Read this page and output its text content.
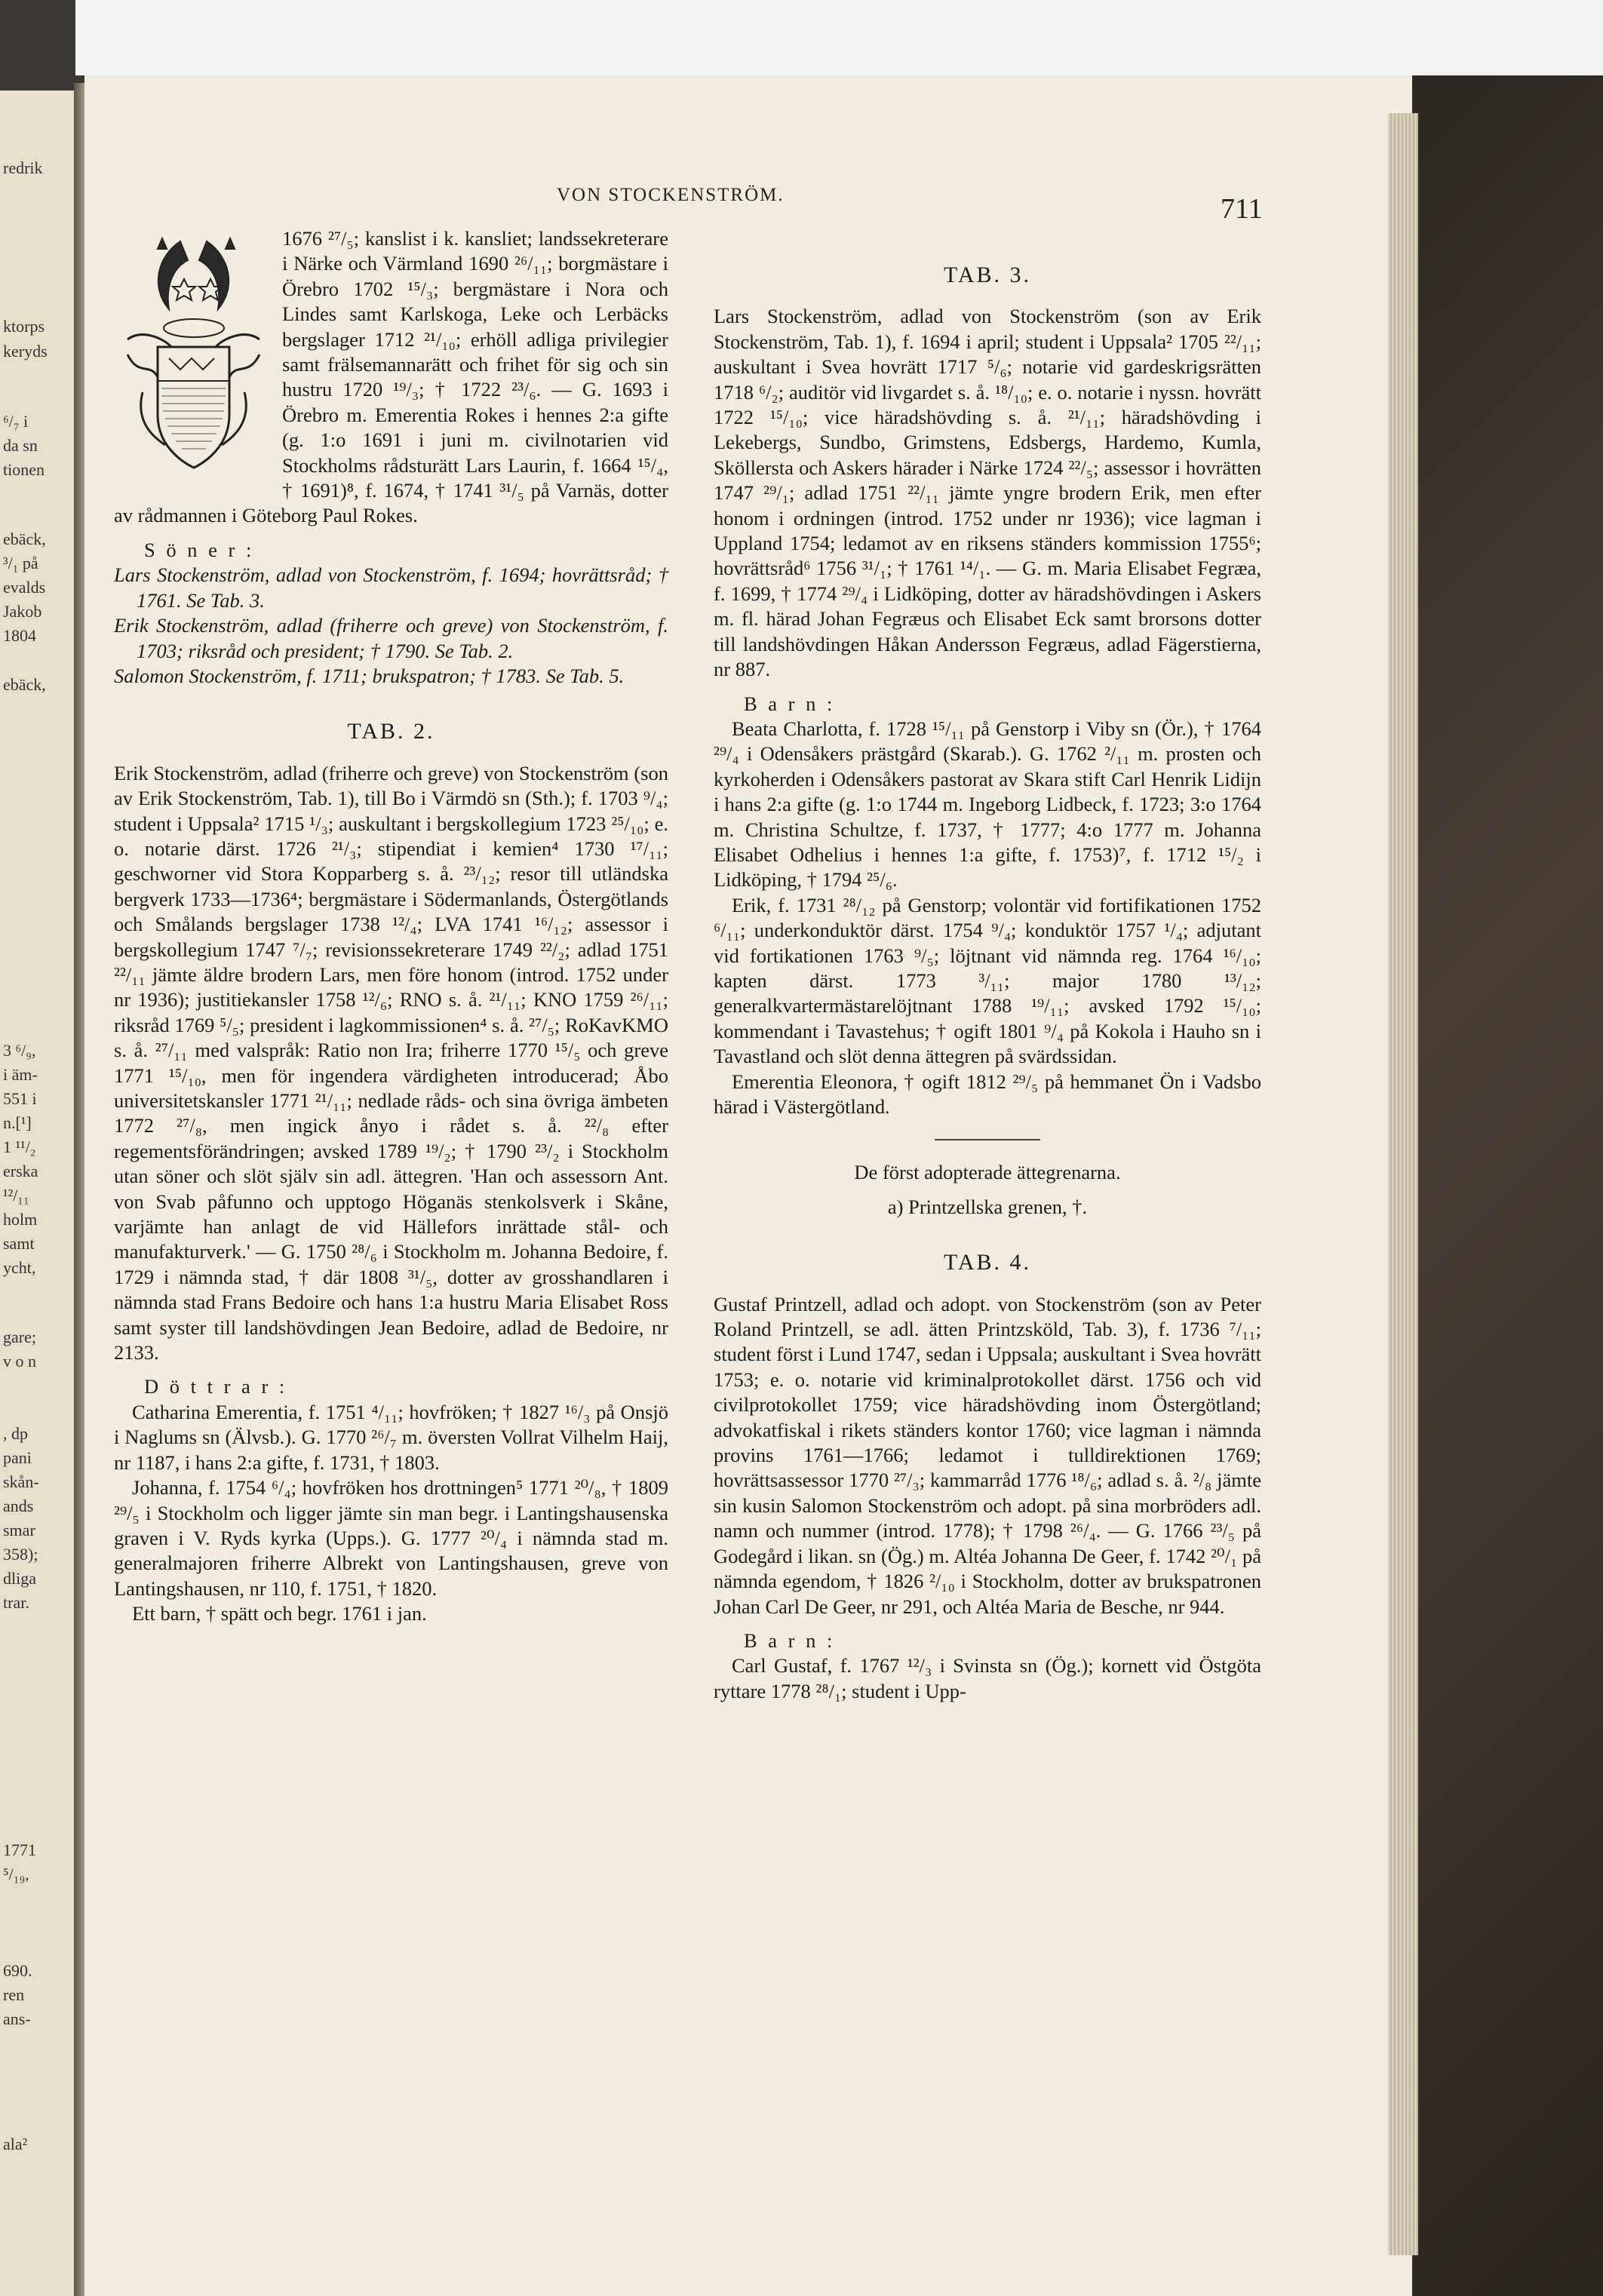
redrik
ktorps
keryds
⁶/₇ i
da sn
tionen
ebäck,
³/₁ på
evalds
Jakob
1804
ebäck,
3 ⁶/₉,
i äm-
551 i
n.[¹]
1 ¹¹/₂
erska
¹²/₁₁
holm
samt
ycht,
gare;
v o n
, dp
pani
skån-
ands
smar
358);
dliga
trar.
1771
⁵/₁₉,
690.
ren
ans-
ala²
VON STOCKENSTRÖM.	711

1676 ²⁷/₅; kanslist i k. kansliet; landssekreterare i Närke och Värmland 1690 ²⁶/₁₁; borgmästare i Örebro 1702 ¹⁵/₃; bergmästare i Nora och Lindes samt Karlskoga, Leke och Lerbäcks bergslager 1712 ²¹/₁₀; erhöll adliga privilegier samt frälsemannarätt och frihet för sig och sin hustru 1720 ¹⁹/₃; † 1722 ²³/₆. — G. 1693 i Örebro m. Emerentia Rokes i hennes 2:a gifte (g. 1:o 1691 i juni m. civilnotarien vid Stockholms rådsturätt Lars Laurin, f. 1664 ¹⁵/₄, † 1691)⁸, f. 1674, † 1741 ³¹/₅ på Varnäs, dotter av rådmannen i Göteborg Paul Rokes.

S ö n e r :

Lars Stockenström, adlad von Stockenström, f. 1694; hovrättsråd; † 1761. Se Tab. 3.

Erik Stockenström, adlad (friherre och greve) von Stockenström, f. 1703; riksråd och president; † 1790. Se Tab. 2.

Salomon Stockenström, f. 1711; brukspatron; † 1783. Se Tab. 5.

TAB. 2.

Erik Stockenström, adlad (friherre och greve) von Stockenström (son av Erik Stockenström, Tab. 1), till Bo i Värmdö sn (Sth.); f. 1703 ⁹/₄; student i Uppsala² 1715 ¹/₃; auskultant i bergskollegium 1723 ²⁵/₁₀; e. o. notarie därst. 1726 ²¹/₃; stipendiat i kemien⁴ 1730 ¹⁷/₁₁; geschworner vid Stora Kopparberg s. å. ²³/₁₂; resor till utländska bergverk 1733—1736⁴; bergmästare i Södermanlands, Östergötlands och Smålands bergslager 1738 ¹²/₄; LVA 1741 ¹⁶/₁₂; assessor i bergskollegium 1747 ⁷/₇; revisionssekreterare 1749 ²²/₂; adlad 1751 ²²/₁₁ jämte äldre brodern Lars, men före honom (introd. 1752 under nr 1936); justitiekansler 1758 ¹²/₆; RNO s. å. ²¹/₁₁; KNO 1759 ²⁶/₁₁; riksråd 1769 ⁵/₅; president i lagkommissionen⁴ s. å. ²⁷/₅; RoKavKMO s. å. ²⁷/₁₁ med valspråk: Ratio non Ira; friherre 1770 ¹⁵/₅ och greve 1771 ¹⁵/₁₀, men för ingendera värdigheten introducerad; Åbo universitetskansler 1771 ²¹/₁₁; nedlade råds- och sina övriga ämbeten 1772 ²⁷/₈, men ingick ånyo i rådet s. å. ²²/₈ efter regementsförändringen; avsked 1789 ¹⁹/₂; † 1790 ²³/₂ i Stockholm utan söner och slöt själv sin adl. ättegren. 'Han och assessorn Ant. von Svab påfunno och upptogo Höganäs stenkolsverk i Skåne, varjämte han anlagt de vid Hällefors inrättade stål- och manufakturverk.' — G. 1750 ²⁸/₆ i Stockholm m. Johanna Bedoire, f. 1729 i nämnda stad, † där 1808 ³¹/₅, dotter av grosshandlaren i nämnda stad Frans Bedoire och hans 1:a hustru Maria Elisabet Ross samt syster till landshövdingen Jean Bedoire, adlad de Bedoire, nr 2133.

D ö t t r a r :

Catharina Emerentia, f. 1751 ⁴/₁₁; hovfröken; † 1827 ¹⁶/₃ på Onsjö i Naglums sn (Älvsb.). G. 1770 ²⁶/₇ m. översten Vollrat Vilhelm Haij, nr 1187, i hans 2:a gifte, f. 1731, † 1803.

Johanna, f. 1754 ⁶/₄; hovfröken hos drottningen⁵ 1771 ²⁰/₈, † 1809 ²⁹/₅ i Stockholm och ligger jämte sin man begr. i Lantingshausenska graven i V. Ryds kyrka (Upps.). G. 1777 ²⁰/₄ i nämnda stad m. generalmajoren friherre Albrekt von Lantingshausen, greve von Lantingshausen, nr 110, f. 1751, † 1820.

Ett barn, † spätt och begr. 1761 i jan.

TAB. 3.

Lars Stockenström, adlad von Stockenström (son av Erik Stockenström, Tab. 1), f. 1694 i april; student i Uppsala² 1705 ²²/₁₁; auskultant i Svea hovrätt 1717 ⁵/₆; notarie vid gardeskrigsrätten 1718 ⁶/₂; auditör vid livgardet s. å. ¹⁸/₁₀; e. o. notarie i nyssn. hovrätt 1722 ¹⁵/₁₀; vice häradshövding s. å. ²¹/₁₁; häradshövding i Lekebergs, Sundbo, Grimstens, Edsbergs, Hardemo, Kumla, Sköllersta och Askers härader i Närke 1724 ²²/₅; assessor i hovrätten 1747 ²⁹/₁; adlad 1751 ²²/₁₁ jämte yngre brodern Erik, men efter honom i ordningen (introd. 1752 under nr 1936); vice lagman i Uppland 1754; ledamot av en riksens ständers kommission 1755⁶; hovrättsråd⁶ 1756 ³¹/₁; † 1761 ¹⁴/₁. — G. m. Maria Elisabet Fegræa, f. 1699, † 1774 ²⁹/₄ i Lidköping, dotter av häradshövdingen i Askers m. fl. härad Johan Fegræus och Elisabet Eck samt brorsons dotter till landshövdingen Håkan Andersson Fegræus, adlad Fägerstierna, nr 887.

B a r n :

Beata Charlotta, f. 1728 ¹⁵/₁₁ på Genstorp i Viby sn (Ör.), † 1764 ²⁹/₄ i Odensåkers prästgård (Skarab.). G. 1762 ²/₁₁ m. prosten och kyrkoherden i Odensåkers pastorat av Skara stift Carl Henrik Lidijn i hans 2:a gifte (g. 1:o 1744 m. Ingeborg Lidbeck, f. 1723; 3:o 1764 m. Christina Schultze, f. 1737, † 1777; 4:o 1777 m. Johanna Elisabet Odhelius i hennes 1:a gifte, f. 1753)⁷, f. 1712 ¹⁵/₂ i Lidköping, † 1794 ²⁵/₆.

Erik, f. 1731 ²⁸/₁₂ på Genstorp; volontär vid fortifikationen 1752 ⁶/₁₁; underkonduktör därst. 1754 ⁹/₄; konduktör 1757 ¹/₄; adjutant vid fortikationen 1763 ⁹/₅; löjtnant vid nämnda reg. 1764 ¹⁶/₁₀; kapten därst. 1773 ³/₁₁; major 1780 ¹³/₁₂; generalkvartermästarelöjtnant 1788 ¹⁹/₁₁; avsked 1792 ¹⁵/₁₀; kommendant i Tavastehus; † ogift 1801 ⁹/₄ på Kokola i Hauho sn i Tavastland och slöt denna ättegren på svärdssidan.

Emerentia Eleonora, † ogift 1812 ²⁹/₅ på hemmanet Ön i Vadsbo härad i Västergötland.

De först adopterade ättegrenarna.

a) Printzellska grenen, †.

TAB. 4.

Gustaf Printzell, adlad och adopt. von Stockenström (son av Peter Roland Printzell, se adl. ätten Printzsköld, Tab. 3), f. 1736 ⁷/₁₁; student först i Lund 1747, sedan i Uppsala; auskultant i Svea hovrätt 1753; e. o. notarie vid kriminalprotokollet därst. 1756 och vid civilprotokollet 1759; vice häradshövding inom Östergötland; advokatfiskal i rikets ständers kontor 1760; vice lagman i nämnda provins 1761—1766; ledamot i tulldirektionen 1769; hovrättsassessor 1770 ²⁷/₃; kammarråd 1776 ¹⁸/₆; adlad s. å. ²/₈ jämte sin kusin Salomon Stockenström och adopt. på sina morbröders adl. namn och nummer (introd. 1778); † 1798 ²⁶/₄. — G. 1766 ²³/₅ på Godegård i likan. sn (Ög.) m. Altéa Johanna De Geer, f. 1742 ²⁰/₁ på nämnda egendom, † 1826 ²/₁₀ i Stockholm, dotter av brukspatronen Johan Carl De Geer, nr 291, och Altéa Maria de Besche, nr 944.

B a r n :

Carl Gustaf, f. 1767 ¹²/₃ i Svinsta sn (Ög.); kornett vid Östgöta ryttare 1778 ²⁸/₁; student i Upp-
